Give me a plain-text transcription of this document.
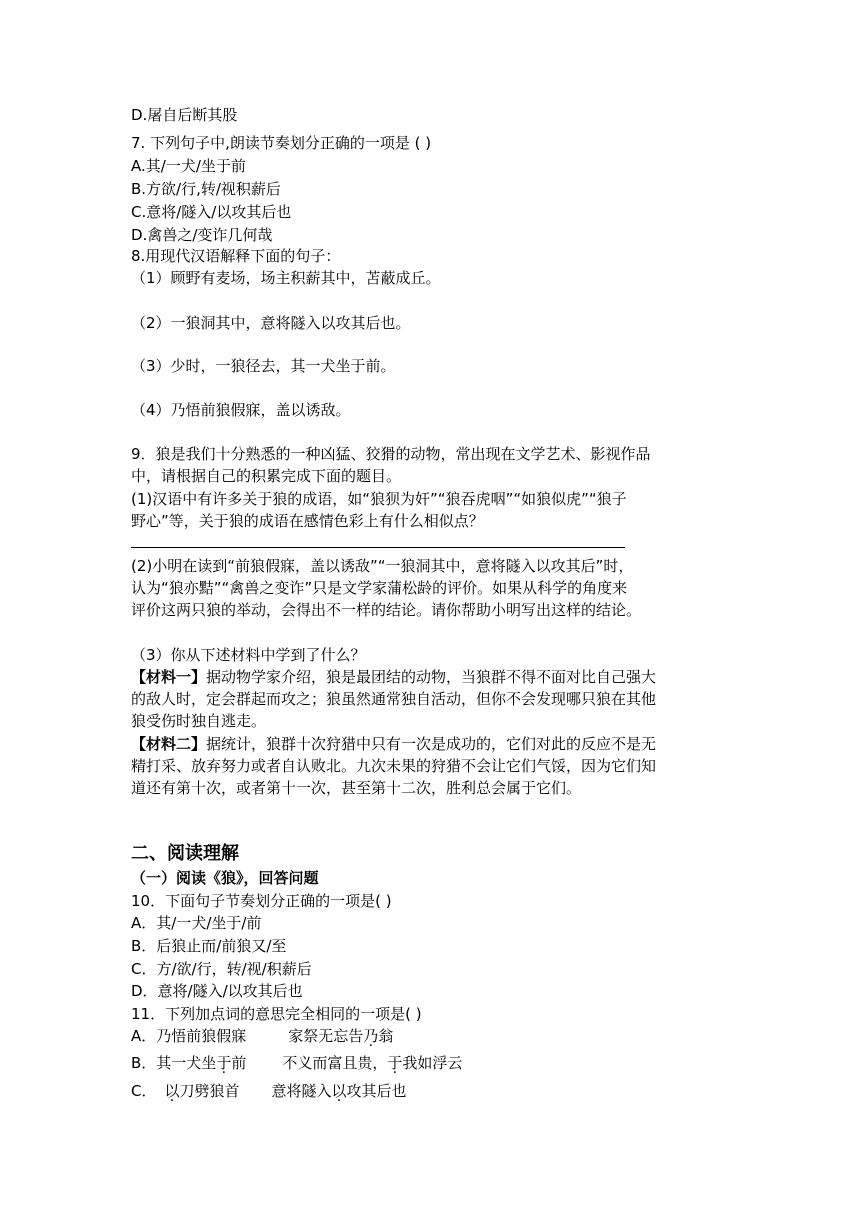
D.屠自后断其股
7. 下列句子中,朗读节奏划分正确的一项是 ( )
A.其/一犬/坐于前
B.方欲/行,转/视积薪后
C.意将/隧入/以攻其后也
D.禽兽之/变诈几何哉
8.用现代汉语解释下面的句子：
（1）顾野有麦场，场主积薪其中，苫蔽成丘。
（2）一狼洞其中，意将隧入以攻其后也。
（3）少时，一狼径去，其一犬坐于前。
（4）乃悟前狼假寐，盖以诱敌。
9．狼是我们十分熟悉的一种凶猛、狡猾的动物，常出现在文学艺术、影视作品
中，请根据自己的积累完成下面的题目。
(1)汉语中有许多关于狼的成语，如“狼狈为奸”“狼吞虎咽”“如狼似虎”“狼子
野心”等，关于狼的成语在感情色彩上有什么相似点？
(2)小明在读到“前狼假寐，盖以诱敌”“一狼洞其中，意将隧入以攻其后”时，
认为“狼亦黠”“禽兽之变诈”只是文学家蒲松龄的评价。如果从科学的角度来
评价这两只狼的举动，会得出不一样的结论。请你帮助小明写出这样的结论。
（3）你从下述材料中学到了什么？
【材料一】据动物学家介绍，狼是最团结的动物，当狼群不得不面对比自己强大
的敌人时，定会群起而攻之；狼虽然通常独自活动，但你不会发现哪只狼在其他
狼受伤时独自逃走。
【材料二】据统计，狼群十次狩猎中只有一次是成功的，它们对此的反应不是无
精打采、放弃努力或者自认败北。九次未果的狩猎不会让它们气馁，因为它们知
道还有第十次，或者第十一次，甚至第十二次，胜利总会属于它们。
二、阅读理解
（一）阅读《狼》，回答问题
10．下面句子节奏划分正确的一项是( )
A．其/一犬/坐于/前
B．后狼止而/前狼又/至
C．方/欲/行，转/视/积薪后
D．意将/隧入/以攻其后也
11．下列加点词的意思完全相同的一项是( )
A．乃悟前狼假寐	家祭无忘告乃翁
B．其一犬坐于前 不义而富且贵，于我如浮云
C． 以刀劈狼首 意将隧入以攻其后也
